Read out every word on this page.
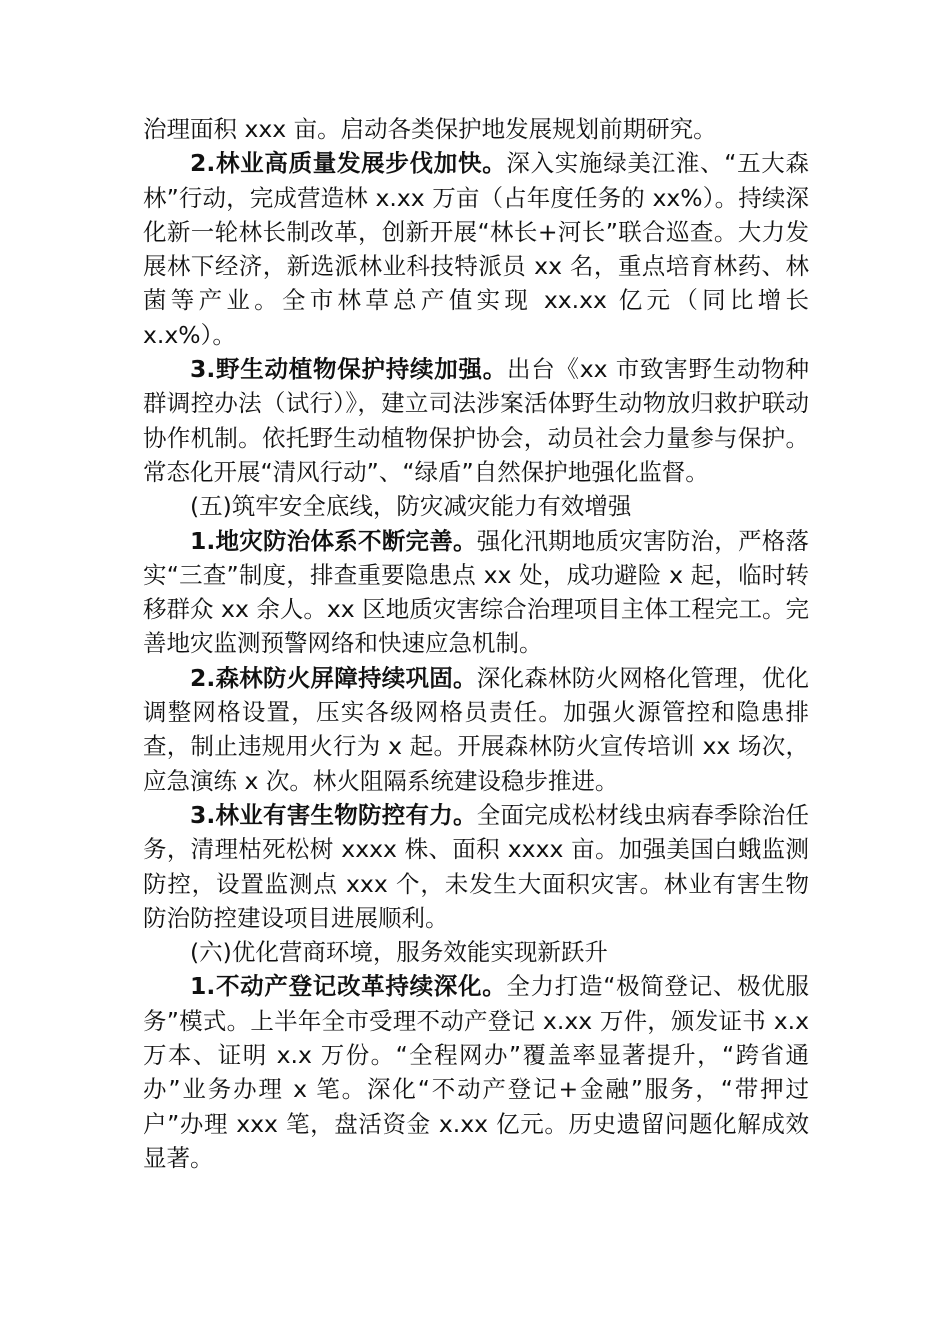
治理面积 xxx 亩。启动各类保护地发展规划前期研究。

2.林业高质量发展步伐加快。深入实施绿美江淮、“五大森林”行动，完成营造林 x.xx 万亩（占年度任务的 xx%）。持续深化新一轮林长制改革，创新开展“林长+河长”联合巡查。大力发展林下经济，新选派林业科技特派员 xx 名，重点培育林药、林菌等产业。全市林草总产值实现 xx.xx 亿元（同比增长 x.x%）。

3.野生动植物保护持续加强。出台《xx 市致害野生动物种群调控办法（试行）》，建立司法涉案活体野生动物放归救护联动协作机制。依托野生动植物保护协会，动员社会力量参与保护。常态化开展“清风行动”、“绿盾”自然保护地强化监督。

(五)筑牢安全底线，防灾减灾能力有效增强

1.地灾防治体系不断完善。强化汛期地质灾害防治，严格落实“三查”制度，排查重要隐患点 xx 处，成功避险 x 起，临时转移群众 xx 余人。xx 区地质灾害综合治理项目主体工程完工。完善地灾监测预警网络和快速应急机制。

2.森林防火屏障持续巩固。深化森林防火网格化管理，优化调整网格设置，压实各级网格员责任。加强火源管控和隐患排查，制止违规用火行为 x 起。开展森林防火宣传培训 xx 场次，应急演练 x 次。林火阻隔系统建设稳步推进。

3.林业有害生物防控有力。全面完成松材线虫病春季除治任务，清理枯死松树 xxxx 株、面积 xxxx 亩。加强美国白蛾监测防控，设置监测点 xxx 个，未发生大面积灾害。林业有害生物防治防控建设项目进展顺利。

(六)优化营商环境，服务效能实现新跃升

1.不动产登记改革持续深化。全力打造“极简登记、极优服务”模式。上半年全市受理不动产登记 x.xx 万件，颁发证书 x.x 万本、证明 x.x 万份。“全程网办”覆盖率显著提升，“跨省通办”业务办理 x 笔。深化“不动产登记+金融”服务，“带押过户”办理 xxx 笔，盘活资金 x.xx 亿元。历史遗留问题化解成效显著。
